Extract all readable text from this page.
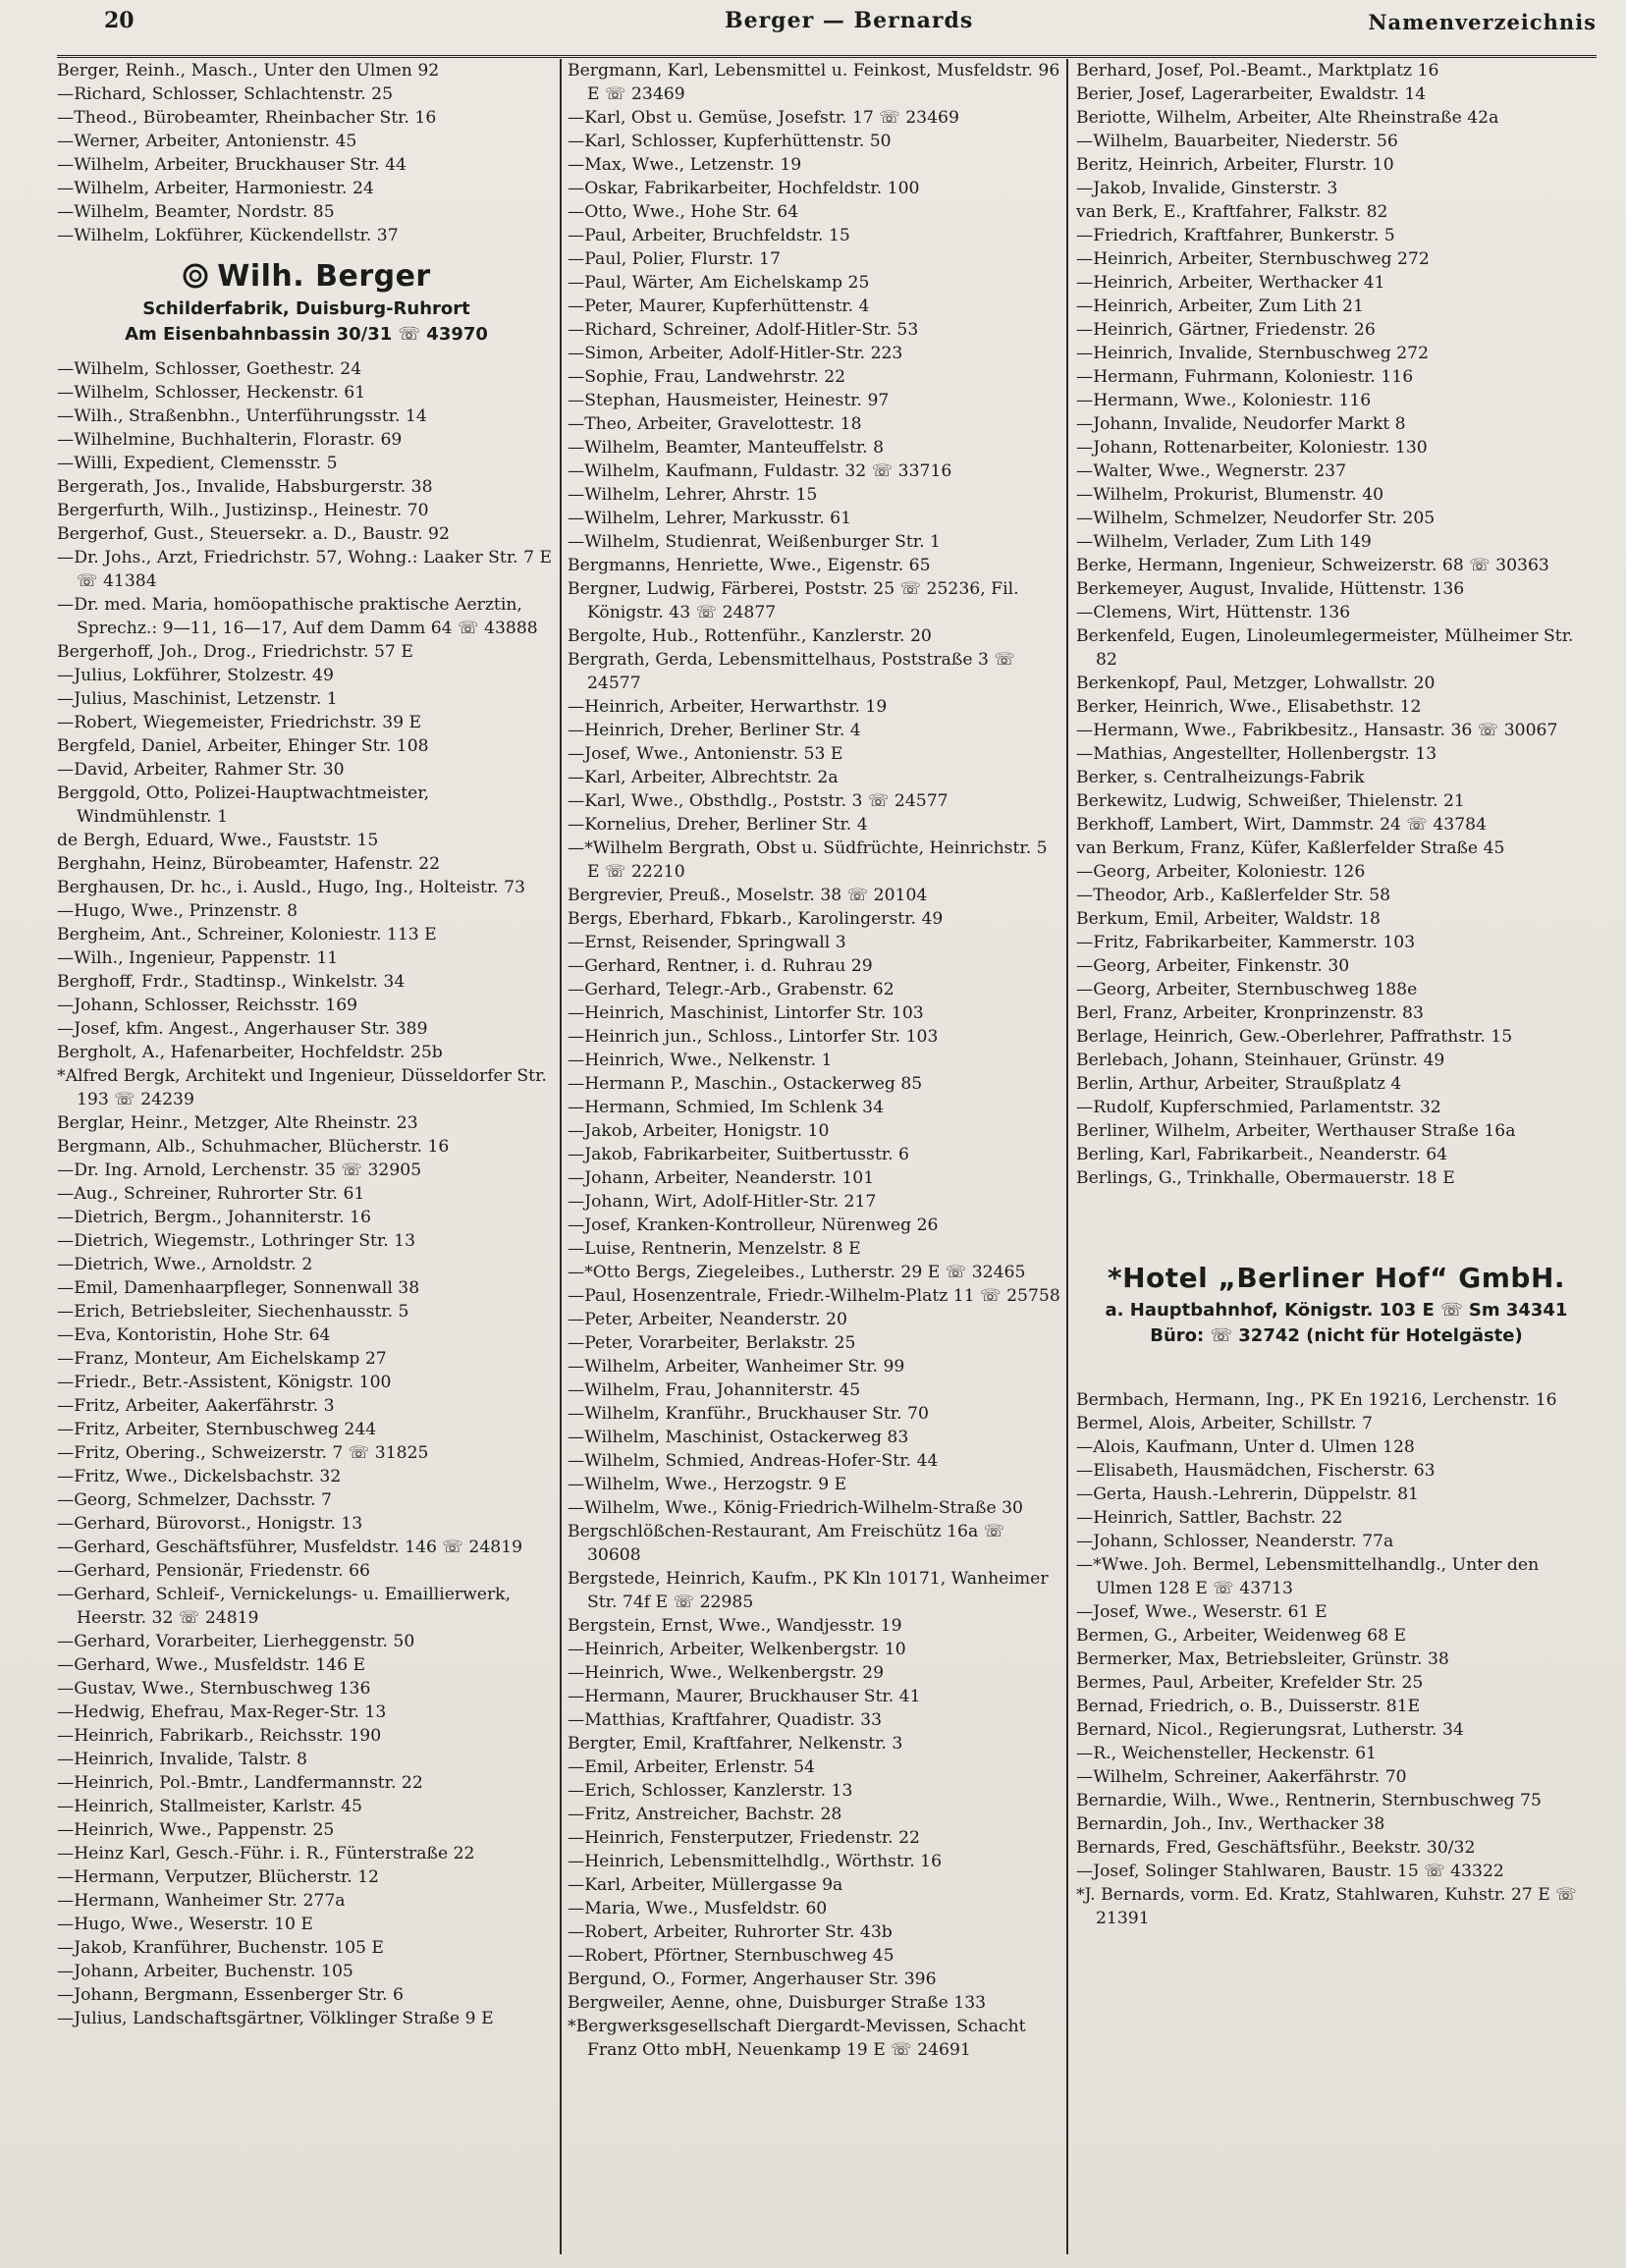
20	Berger — Bernards	Namenverzeichnis
Berger, Reinh., Masch., Unter den Ulmen 92
—Richard, Schlosser, Schlachtenstr. 25
—Theod., Bürobeamter, Rheinbacher Str. 16
—Werner, Arbeiter, Antonienstr. 45
—Wilhelm, Arbeiter, Bruckhauser Str. 44
—Wilhelm, Arbeiter, Harmoniestr. 24
—Wilhelm, Beamter, Nordstr. 85
—Wilhelm, Lokführer, Kückendellstr. 37
Wilh. Berger
Schilderfabrik, Duisburg-Ruhrort
Am Eisenbahnbassin 30/31 ☏ 43970
—Wilhelm, Schlosser, Goethestr. 24
—Wilhelm, Schlosser, Heckenstr. 61
—Wilh., Straßenbhn., Unterführungsstr. 14
—Wilhelmine, Buchhalterin, Florastr. 69
—Willi, Expedient, Clemensstr. 5
Bergerath, Jos., Invalide, Habsburgerstr. 38
Bergerfurth, Wilh., Justizinsp., Heinestr. 70
Bergerhof, Gust., Steuersekr. a. D., Baustr. 92
—Dr. Johs., Arzt, Friedrichstr. 57, Wohng.: Laaker Str. 7 E ☏ 41384
—Dr. med. Maria, homöopathische praktische Aerztin, Sprechz.: 9—11, 16—17, Auf dem Damm 64 ☏ 43888
Bergerhoff, Joh., Drog., Friedrichstr. 57 E
—Julius, Lokführer, Stolzestr. 49
—Julius, Maschinist, Letzenstr. 1
—Robert, Wiegemeister, Friedrichstr. 39 E
Bergfeld, Daniel, Arbeiter, Ehinger Str. 108
—David, Arbeiter, Rahmer Str. 30
Berggold, Otto, Polizei-Hauptwachtmeister, Windmühlenstr. 1
de Bergh, Eduard, Wwe., Fauststr. 15
Berghahn, Heinz, Bürobeamter, Hafenstr. 22
Berghausen, Dr. hc., i. Ausld., Hugo, Ing., Holteistr. 73
—Hugo, Wwe., Prinzenstr. 8
Bergheim, Ant., Schreiner, Koloniestr. 113 E
—Wilh., Ingenieur, Pappenstr. 11
Berghoff, Frdr., Stadtinsp., Winkelstr. 34
—Johann, Schlosser, Reichsstr. 169
—Josef, kfm. Angest., Angerhauser Str. 389
Bergholt, A., Hafenarbeiter, Hochfeldstr. 25b
*Alfred Bergk, Architekt und Ingenieur, Düsseldorfer Str. 193 ☏ 24239
Berglar, Heinr., Metzger, Alte Rheinstr. 23
Bergmann, Alb., Schuhmacher, Blücherstr. 16
—Dr. Ing. Arnold, Lerchenstr. 35 ☏ 32905
—Aug., Schreiner, Ruhrorter Str. 61
—Dietrich, Bergm., Johanniterstr. 16
—Dietrich, Wiegemstr., Lothringer Str. 13
—Dietrich, Wwe., Arnoldstr. 2
—Emil, Damenhaarpfleger, Sonnenwall 38
—Erich, Betriebsleiter, Siechenhausstr. 5
—Eva, Kontoristin, Hohe Str. 64
—Franz, Monteur, Am Eichelskamp 27
—Friedr., Betr.-Assistent, Königstr. 100
—Fritz, Arbeiter, Aakerfährstr. 3
—Fritz, Arbeiter, Sternbuschweg 244
—Fritz, Obering., Schweizerstr. 7 ☏ 31825
—Fritz, Wwe., Dickelsbachstr. 32
—Georg, Schmelzer, Dachsstr. 7
—Gerhard, Bürovorst., Honigstr. 13
—Gerhard, Geschäftsführer, Musfeldstr. 146 ☏ 24819
—Gerhard, Pensionär, Friedenstr. 66
—Gerhard, Schleif-, Vernickelungs- u. Emaillierwerk, Heerstr. 32 ☏ 24819
—Gerhard, Vorarbeiter, Lierheggenstr. 50
—Gerhard, Wwe., Musfeldstr. 146 E
—Gustav, Wwe., Sternbuschweg 136
—Hedwig, Ehefrau, Max-Reger-Str. 13
—Heinrich, Fabrikarb., Reichsstr. 190
—Heinrich, Invalide, Talstr. 8
—Heinrich, Pol.-Bmtr., Landfermannstr. 22
—Heinrich, Stallmeister, Karlstr. 45
—Heinrich, Wwe., Pappenstr. 25
—Heinz Karl, Gesch.-Führ. i. R., Fünterstraße 22
—Hermann, Verputzer, Blücherstr. 12
—Hermann, Wanheimer Str. 277a
—Hugo, Wwe., Weserstr. 10 E
—Jakob, Kranführer, Buchenstr. 105 E
—Johann, Arbeiter, Buchenstr. 105
—Johann, Bergmann, Essenberger Str. 6
—Julius, Landschaftsgärtner, Völklinger Straße 9 E
Bergmann, Karl, Lebensmittel u. Feinkost, Musfeldstr. 96 E ☏ 23469
—Karl, Obst u. Gemüse, Josefstr. 17 ☏ 23469
—Karl, Schlosser, Kupferhüttenstr. 50
—Max, Wwe., Letzenstr. 19
—Oskar, Fabrikarbeiter, Hochfeldstr. 100
—Otto, Wwe., Hohe Str. 64
—Paul, Arbeiter, Bruchfeldstr. 15
—Paul, Polier, Flurstr. 17
—Paul, Wärter, Am Eichelskamp 25
—Peter, Maurer, Kupferhüttenstr. 4
—Richard, Schreiner, Adolf-Hitler-Str. 53
—Simon, Arbeiter, Adolf-Hitler-Str. 223
—Sophie, Frau, Landwehrstr. 22
—Stephan, Hausmeister, Heinestr. 97
—Theo, Arbeiter, Gravelottestr. 18
—Wilhelm, Beamter, Manteuffelstr. 8
—Wilhelm, Kaufmann, Fuldastr. 32 ☏ 33716
—Wilhelm, Lehrer, Ahrstr. 15
—Wilhelm, Lehrer, Markusstr. 61
—Wilhelm, Studienrat, Weißenburger Str. 1
Bergmanns, Henriette, Wwe., Eigenstr. 65
Bergner, Ludwig, Färberei, Poststr. 25 ☏ 25236, Fil. Königstr. 43 ☏ 24877
Bergolte, Hub., Rottenführ., Kanzlerstr. 20
Bergrath, Gerda, Lebensmittelhaus, Poststraße 3 ☏ 24577
—Heinrich, Arbeiter, Herwarthstr. 19
—Heinrich, Dreher, Berliner Str. 4
—Josef, Wwe., Antonienstr. 53 E
—Karl, Arbeiter, Albrechtstr. 2a
—Karl, Wwe., Obsthdlg., Poststr. 3 ☏ 24577
—Kornelius, Dreher, Berliner Str. 4
—*Wilhelm Bergrath, Obst u. Südfrüchte, Heinrichstr. 5 E ☏ 22210
Bergrevier, Preuß., Moselstr. 38 ☏ 20104
Bergs, Eberhard, Fbkarb., Karolingerstr. 49
—Ernst, Reisender, Springwall 3
—Gerhard, Rentner, i. d. Ruhrau 29
—Gerhard, Telegr.-Arb., Grabenstr. 62
—Heinrich, Maschinist, Lintorfer Str. 103
—Heinrich jun., Schloss., Lintorfer Str. 103
—Heinrich, Wwe., Nelkenstr. 1
—Hermann P., Maschin., Ostackerweg 85
—Hermann, Schmied, Im Schlenk 34
—Jakob, Arbeiter, Honigstr. 10
—Jakob, Fabrikarbeiter, Suitbertusstr. 6
—Johann, Arbeiter, Neanderstr. 101
—Johann, Wirt, Adolf-Hitler-Str. 217
—Josef, Kranken-Kontrolleur, Nürenweg 26
—Luise, Rentnerin, Menzelstr. 8 E
—*Otto Bergs, Ziegeleibes., Lutherstr. 29 E ☏ 32465
—Paul, Hosenzentrale, Friedr.-Wilhelm-Platz 11 ☏ 25758
—Peter, Arbeiter, Neanderstr. 20
—Peter, Vorarbeiter, Berlakstr. 25
—Wilhelm, Arbeiter, Wanheimer Str. 99
—Wilhelm, Frau, Johanniterstr. 45
—Wilhelm, Kranführ., Bruckhauser Str. 70
—Wilhelm, Maschinist, Ostackerweg 83
—Wilhelm, Schmied, Andreas-Hofer-Str. 44
—Wilhelm, Wwe., Herzogstr. 9 E
—Wilhelm, Wwe., König-Friedrich-Wilhelm-Straße 30
Bergschlößchen-Restaurant, Am Freischütz 16a ☏ 30608
Bergstede, Heinrich, Kaufm., PK Kln 10171, Wanheimer Str. 74f E ☏ 22985
Bergstein, Ernst, Wwe., Wandjesstr. 19
—Heinrich, Arbeiter, Welkenbergstr. 10
—Heinrich, Wwe., Welkenbergstr. 29
—Hermann, Maurer, Bruckhauser Str. 41
—Matthias, Kraftfahrer, Quadistr. 33
Bergter, Emil, Kraftfahrer, Nelkenstr. 3
—Emil, Arbeiter, Erlenstr. 54
—Erich, Schlosser, Kanzlerstr. 13
—Fritz, Anstreicher, Bachstr. 28
—Heinrich, Fensterputzer, Friedenstr. 22
—Heinrich, Lebensmittelhdlg., Wörthstr. 16
—Karl, Arbeiter, Müllergasse 9a
—Maria, Wwe., Musfeldstr. 60
—Robert, Arbeiter, Ruhrorter Str. 43b
—Robert, Pförtner, Sternbuschweg 45
Bergund, O., Former, Angerhauser Str. 396
Bergweiler, Aenne, ohne, Duisburger Straße 133
*Bergwerksgesellschaft Diergardt-Mevissen, Schacht Franz Otto mbH, Neuenkamp 19 E ☏ 24691
Berhard, Josef, Pol.-Beamt., Marktplatz 16
Berier, Josef, Lagerarbeiter, Ewaldstr. 14
Beriotte, Wilhelm, Arbeiter, Alte Rheinstraße 42a
—Wilhelm, Bauarbeiter, Niederstr. 56
Beritz, Heinrich, Arbeiter, Flurstr. 10
—Jakob, Invalide, Ginsterstr. 3
van Berk, E., Kraftfahrer, Falkstr. 82
—Friedrich, Kraftfahrer, Bunkerstr. 5
—Heinrich, Arbeiter, Sternbuschweg 272
—Heinrich, Arbeiter, Werthacker 41
—Heinrich, Arbeiter, Zum Lith 21
—Heinrich, Gärtner, Friedenstr. 26
—Heinrich, Invalide, Sternbuschweg 272
—Hermann, Fuhrmann, Koloniestr. 116
—Hermann, Wwe., Koloniestr. 116
—Johann, Invalide, Neudorfer Markt 8
—Johann, Rottenarbeiter, Koloniestr. 130
—Walter, Wwe., Wegnerstr. 237
—Wilhelm, Prokurist, Blumenstr. 40
—Wilhelm, Schmelzer, Neudorfer Str. 205
—Wilhelm, Verlader, Zum Lith 149
Berke, Hermann, Ingenieur, Schweizerstr. 68 ☏ 30363
Berkemeyer, August, Invalide, Hüttenstr. 136
—Clemens, Wirt, Hüttenstr. 136
Berkenfeld, Eugen, Linoleumlegermeister, Mülheimer Str. 82
Berkenkopf, Paul, Metzger, Lohwallstr. 20
Berker, Heinrich, Wwe., Elisabethstr. 12
—Hermann, Wwe., Fabrikbesitz., Hansastr. 36 ☏ 30067
—Mathias, Angestellter, Hollenbergstr. 13
Berker, s. Centralheizungs-Fabrik
Berkewitz, Ludwig, Schweißer, Thielenstr. 21
Berkhoff, Lambert, Wirt, Dammstr. 24 ☏ 43784
van Berkum, Franz, Küfer, Kaßlerfelder Straße 45
—Georg, Arbeiter, Koloniestr. 126
—Theodor, Arb., Kaßlerfelder Str. 58
Berkum, Emil, Arbeiter, Waldstr. 18
—Fritz, Fabrikarbeiter, Kammerstr. 103
—Georg, Arbeiter, Finkenstr. 30
—Georg, Arbeiter, Sternbuschweg 188e
Berl, Franz, Arbeiter, Kronprinzenstr. 83
Berlage, Heinrich, Gew.-Oberlehrer, Paffrathstr. 15
Berlebach, Johann, Steinhauer, Grünstr. 49
Berlin, Arthur, Arbeiter, Straußplatz 4
—Rudolf, Kupferschmied, Parlamentstr. 32
Berliner, Wilhelm, Arbeiter, Werthauser Straße 16a
Berling, Karl, Fabrikarbeit., Neanderstr. 64
Berlings, G., Trinkhalle, Obermauerstr. 18 E
*Hotel „Berliner Hof“ GmbH.
a. Hauptbahnhof, Königstr. 103 E ☏ Sm 34341
Büro: ☏ 32742 (nicht für Hotelgäste)
Bermbach, Hermann, Ing., PK En 19216, Lerchenstr. 16
Bermel, Alois, Arbeiter, Schillstr. 7
—Alois, Kaufmann, Unter d. Ulmen 128
—Elisabeth, Hausmädchen, Fischerstr. 63
—Gerta, Haush.-Lehrerin, Düppelstr. 81
—Heinrich, Sattler, Bachstr. 22
—Johann, Schlosser, Neanderstr. 77a
—*Wwe. Joh. Bermel, Lebensmittelhandlg., Unter den Ulmen 128 E ☏ 43713
—Josef, Wwe., Weserstr. 61 E
Bermen, G., Arbeiter, Weidenweg 68 E
Bermerker, Max, Betriebsleiter, Grünstr. 38
Bermes, Paul, Arbeiter, Krefelder Str. 25
Bernad, Friedrich, o. B., Duisserstr. 81E
Bernard, Nicol., Regierungsrat, Lutherstr. 34
—R., Weichensteller, Heckenstr. 61
—Wilhelm, Schreiner, Aakerfährstr. 70
Bernardie, Wilh., Wwe., Rentnerin, Sternbuschweg 75
Bernardin, Joh., Inv., Werthacker 38
Bernards, Fred, Geschäftsführ., Beekstr. 30/32
—Josef, Solinger Stahlwaren, Baustr. 15 ☏ 43322
*J. Bernards, vorm. Ed. Kratz, Stahlwaren, Kuhstr. 27 E ☏ 21391
